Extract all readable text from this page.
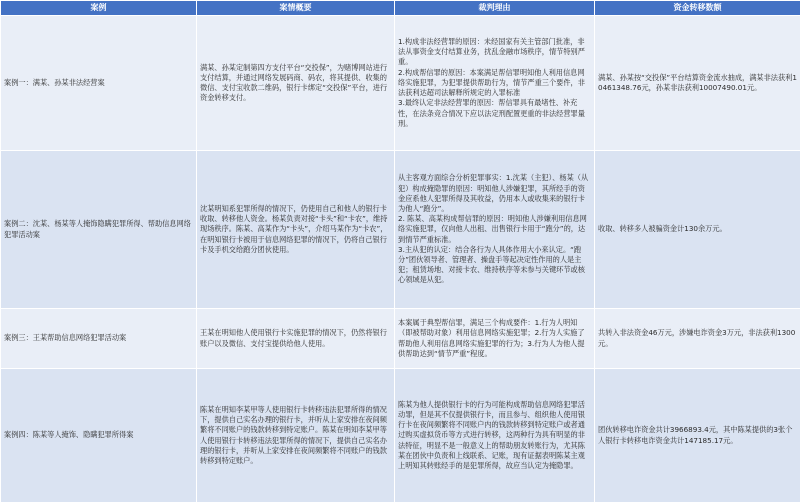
案例	案情概要	裁判理由	资金转移数额
案例一：满某、孙某非法经营案	满某、孙某定制第四方支付平台“交投保”，为赌博网站进行支付结算，并通过网络发展码商、码农，将其提供、收集的微信、支付宝收款二维码，银行卡绑定“交投保”平台，进行资金转移支付。	1.构成非法经营罪的原因：未经国家有关主管部门批准，非法从事资金支付结算业务，扰乱金融市场秩序，情节特别严重。
2.构成帮信罪的原因：本案满足帮信罪明知他人利用信息网络实施犯罪，为犯罪提供帮助行为，情节严重三个要件，非法获利达超司法解释所规定的入罪标准
3.最终认定非法经营罪的原因：帮信罪具有最堵性、补充性，在法条竞合情况下应以法定刑配置更重的非法经营罪量刑。	满某、孙某按“交投保”平台结算资金流水抽成，满某非法获利10461348.76元，孙某非法获利10007490.01元。
案例二：沈某、杨某等人掩饰隐瞒犯罪所得、帮助信息网络犯罪活动案	沈某明知系犯罪所得的情况下，仍使用自己和他人的银行卡收取、转移他人资金。杨某负责对接“卡头”和“卡农”，维持现场秩序。陈某、高某作为“卡头”，介绍马某作为“卡农”，在明知银行卡被用于信息网络犯罪的情况下，仍将自己银行卡及手机交给跑分团伙使用。	从主客观方面综合分析犯罪事实：1.沈某（主犯）、杨某（从犯）构成掩隐罪的原因：明知他人涉嫌犯罪，其所经手的资金应系他人犯罪所得及其收益，仍用本人或收集来的银行卡为他人“跑分”。
2. 陈某、高某构成帮信罪的原因：明知他人涉嫌利用信息网络实施犯罪，仅向他人出租、出售银行卡用于“跑分”的，达到情节严重标准。
3.主从犯的认定：结合各行为人具体作用大小来认定。“跑分”团伙领导者、管理者、操盘手等起决定性作用的人是主犯；租赁场地、对接卡农、维持秩序等未参与关键环节或核心领域是从犯。	收取、转移多人被骗资金计130余万元。
案例三：王某帮助信息网络犯罪活动案	王某在明知他人使用银行卡实施犯罪的情况下，仍然将银行账户以及微信、支付宝提供给他人使用。	本案属于典型帮信罪，满足三个构成要件：1.行为人明知（即被帮助对象）利用信息网络实施犯罪；2.行为人实施了帮助他人利用信息网络实施犯罪的行为；3.行为人为他人提供帮助达到“情节严重”程度。	共转入非法资金46万元，涉嫌电诈资金3万元，非法获利1300元。
案例四：陈某等人掩饰、隐瞒犯罪所得案	陈某在明知李某甲等人使用银行卡转移违法犯罪所得的情况下，提供自己实名办理的银行卡，并听从上家安排在夜间频繁将不同账户的钱款转移到特定账户。陈某在明知李某甲等人使用银行卡转移违法犯罪所得的情况下，提供自己实名办理的银行卡，并听从上家安排在夜间频繁将不同账户的钱款转移到特定账户。	陈某为他人提供银行卡的行为可能构成帮助信息网络犯罪活动罪，但是其不仅提供银行卡，而且参与、组织他人使用银行卡在夜间频繁将不同账户内的钱款转移到特定账户或者通过购买虚拟货币等方式进行转移，这两种行为具有明显的非法特征，明显不是一般意义上的帮助朋友转账行为，尤其陈某在团伙中负责和上线联系、记账，现有证据表明陈某主观上明知其转账经手的是犯罪所得，故应当认定为掩隐罪。	团伙转移电诈资金共计3966893.4元，其中陈某提供的3张个人银行卡转移电诈资金共计147185.17元。
